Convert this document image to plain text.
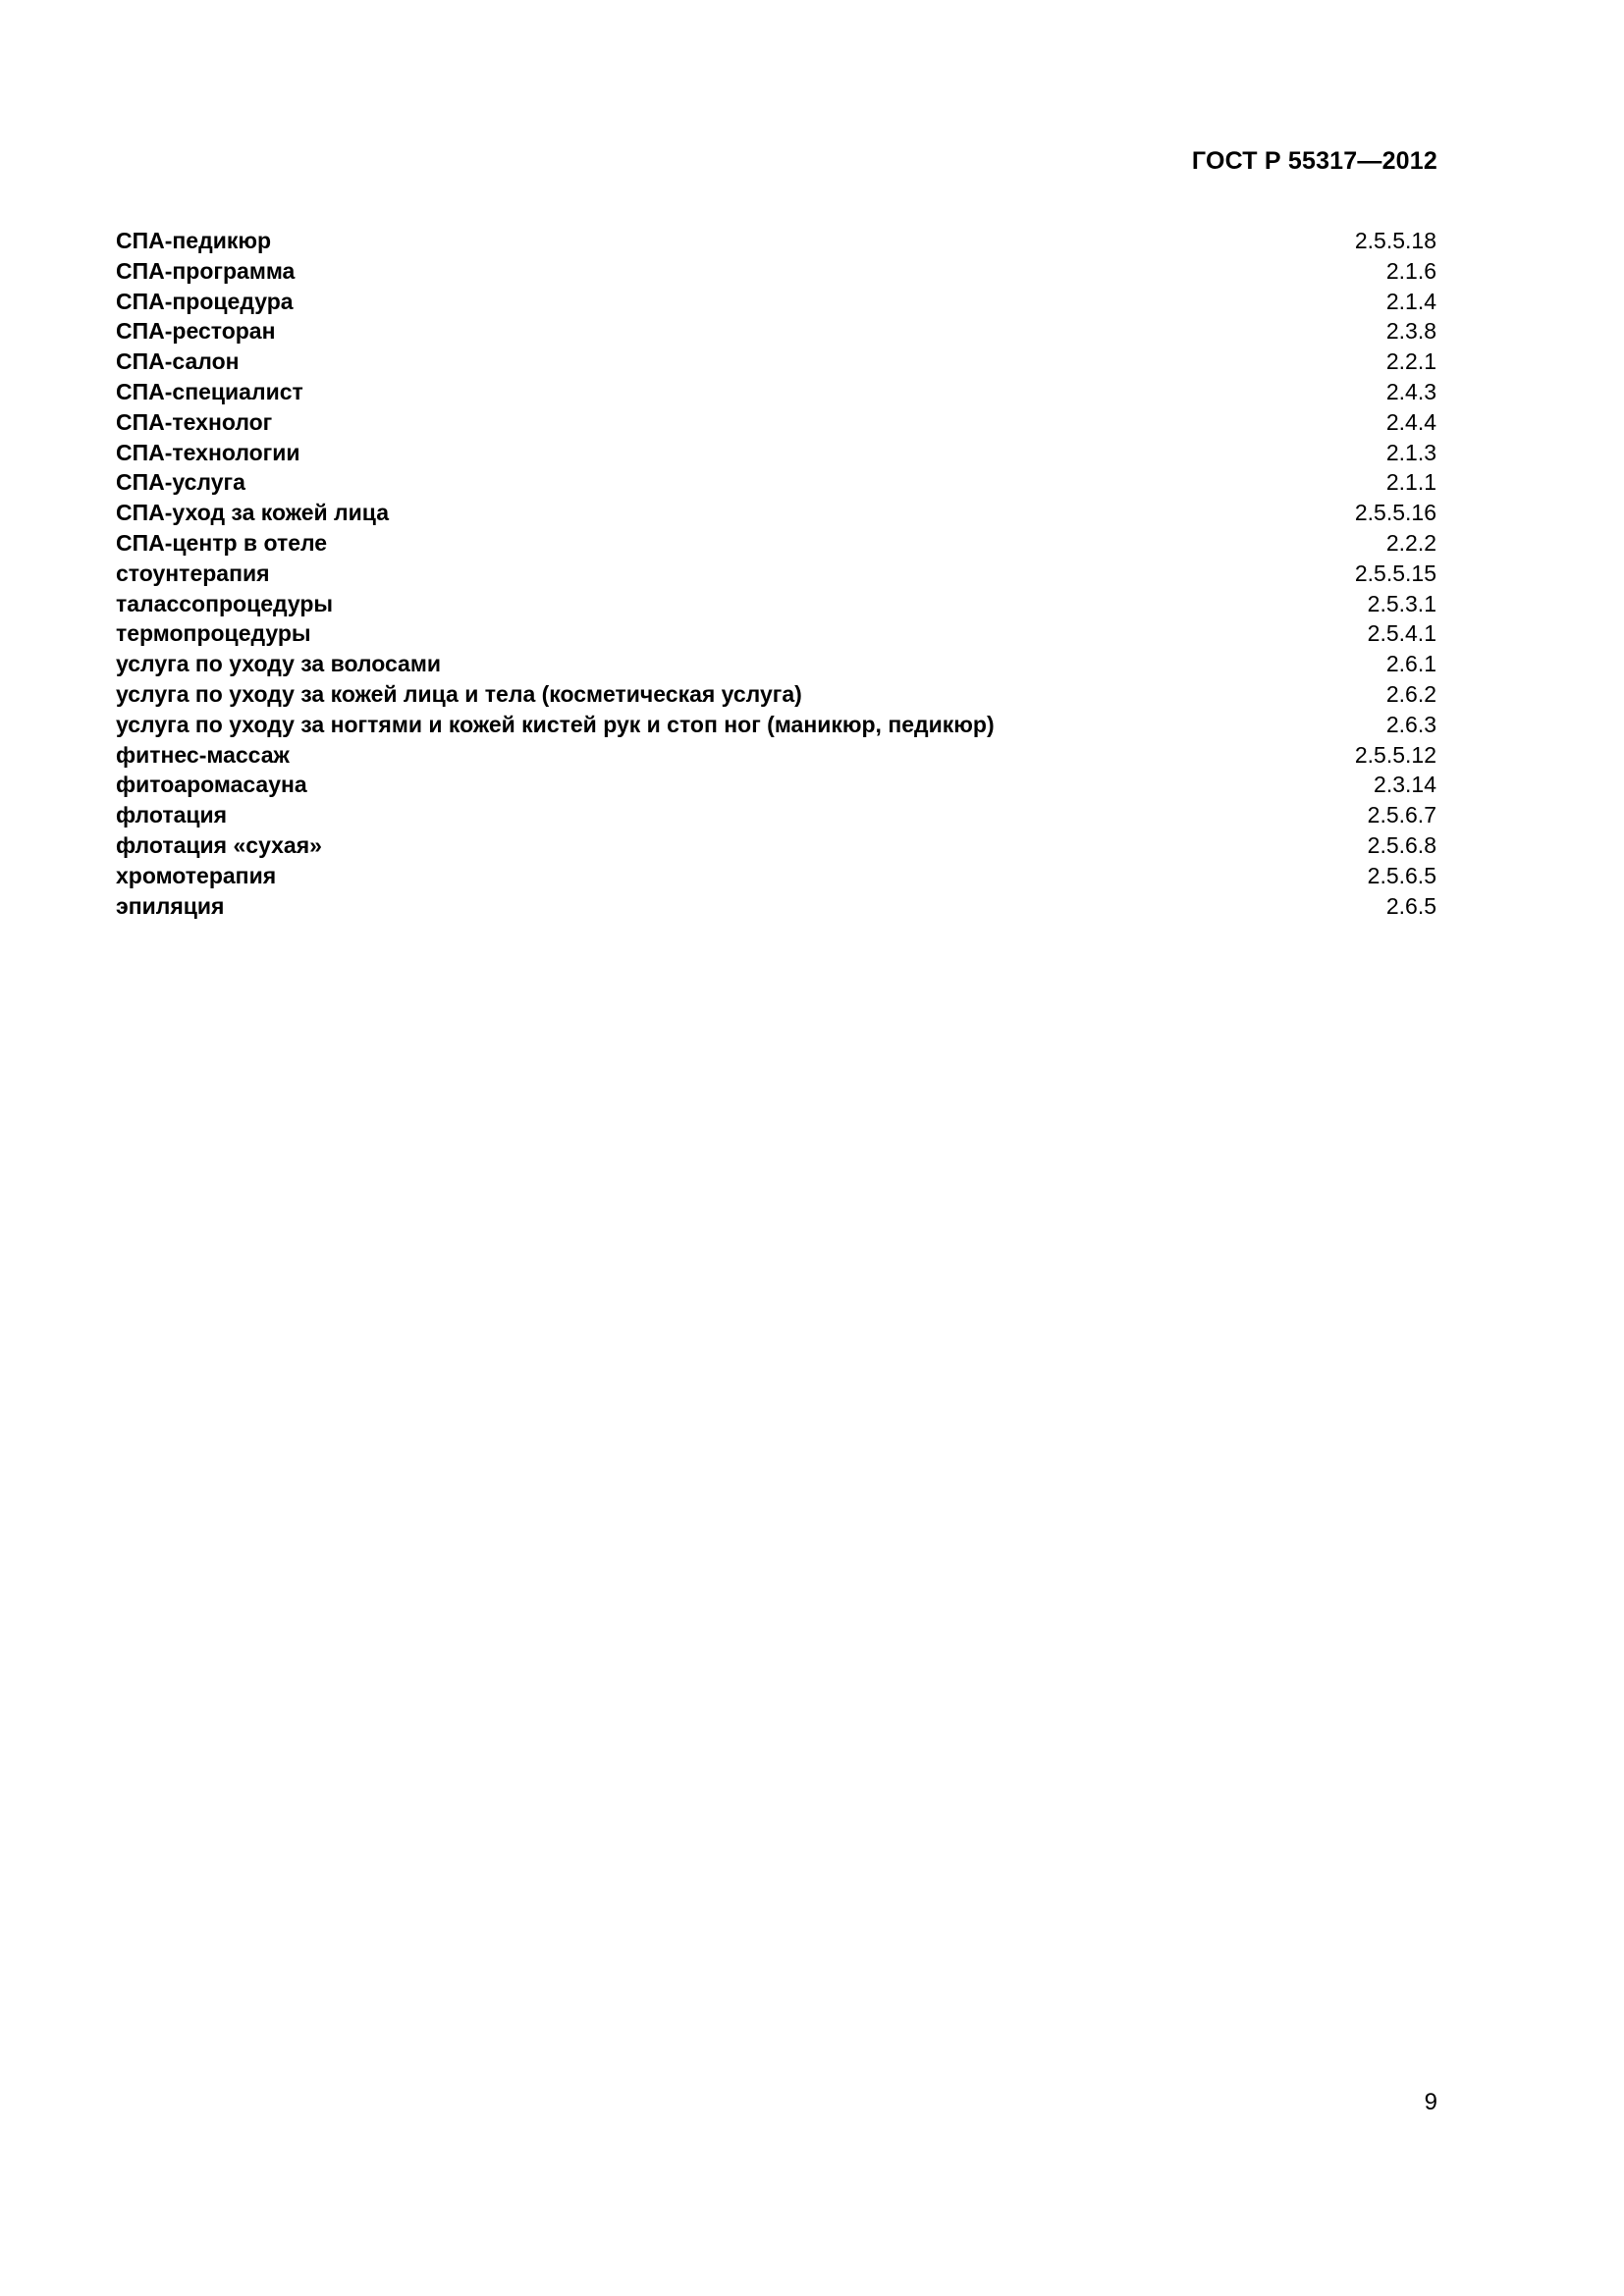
ГОСТ Р 55317—2012
СПА-педикюр	2.5.5.18
СПА-программа	2.1.6
СПА-процедура	2.1.4
СПА-ресторан	2.3.8
СПА-салон	2.2.1
СПА-специалист	2.4.3
СПА-технолог	2.4.4
СПА-технологии	2.1.3
СПА-услуга	2.1.1
СПА-уход за кожей лица	2.5.5.16
СПА-центр в отеле	2.2.2
стоунтерапия	2.5.5.15
талассопроцедуры	2.5.3.1
термопроцедуры	2.5.4.1
услуга по уходу за волосами	2.6.1
услуга по уходу за кожей лица и тела (косметическая услуга)	2.6.2
услуга по уходу за ногтями и кожей кистей рук и стоп ног (маникюр, педикюр)	2.6.3
фитнес-массаж	2.5.5.12
фитоаромасауна	2.3.14
флотация	2.5.6.7
флотация «сухая»	2.5.6.8
хромотерапия	2.5.6.5
эпиляция	2.6.5
9
